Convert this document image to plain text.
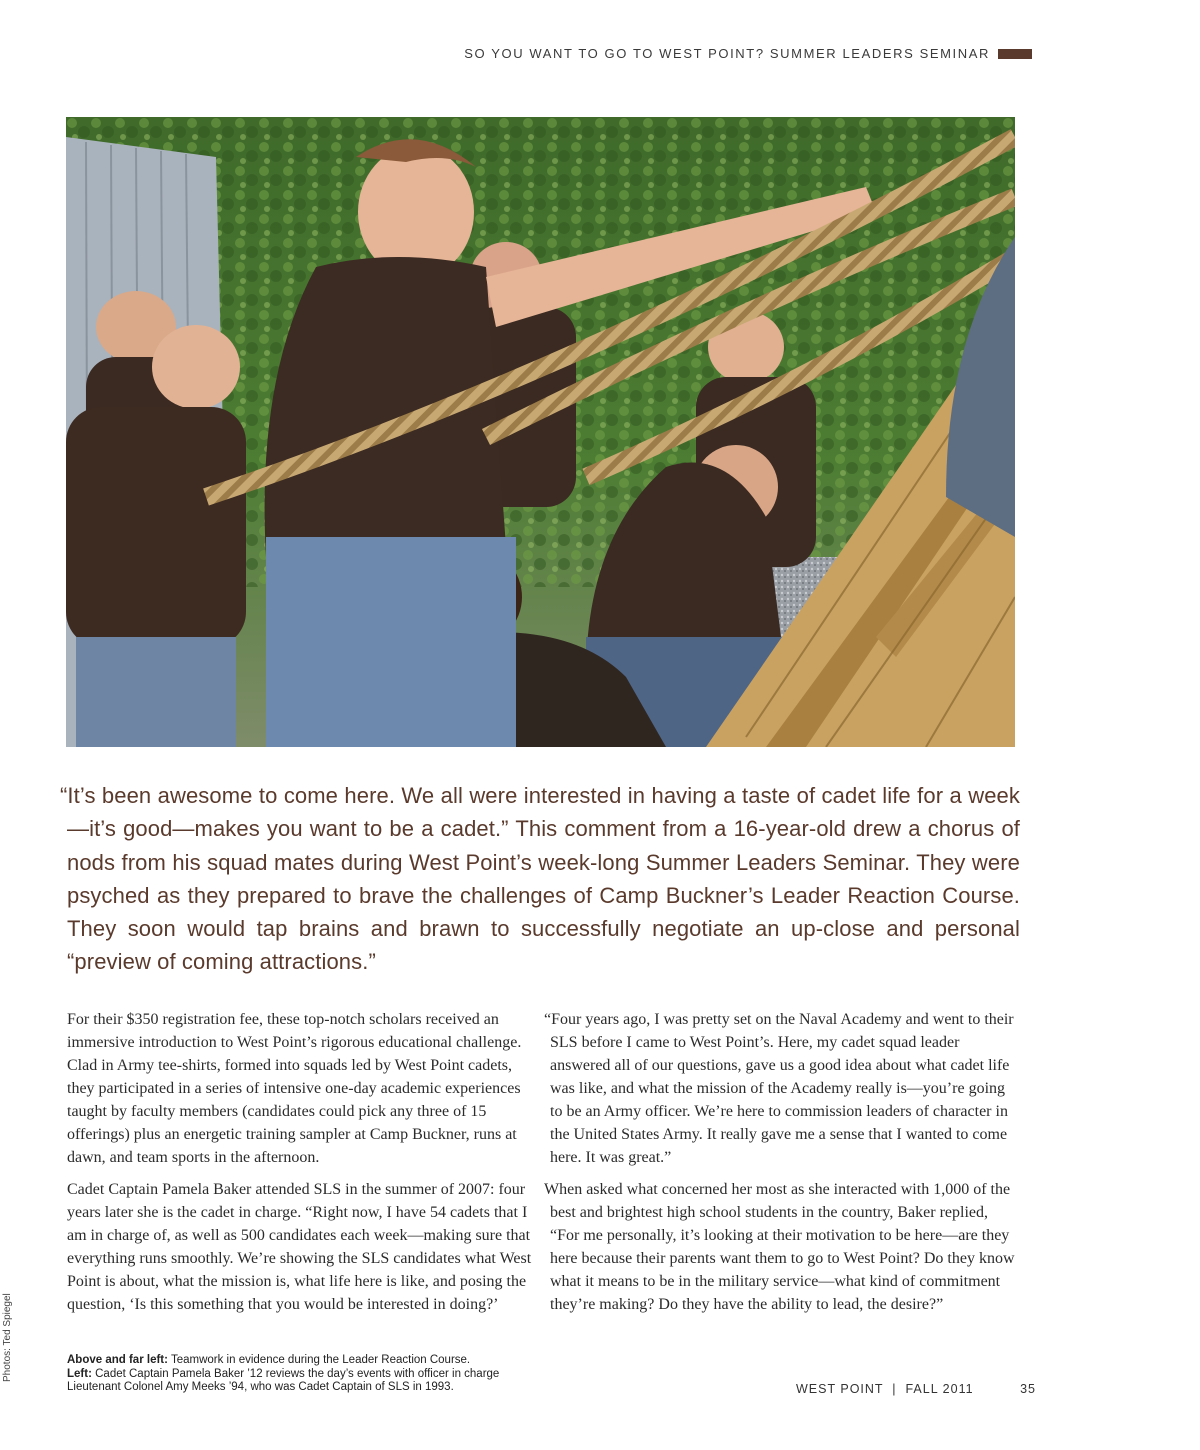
SO YOU WANT TO GO TO WEST POINT? SUMMER LEADERS SEMINAR

“It’s been awesome to come here. We all were interested in having a taste of cadet life for a week—it’s good—makes you want to be a cadet.” This comment from a 16-year-old drew a chorus of nods from his squad mates during West Point’s week-long Summer Leaders Seminar. They were psyched as they prepared to brave the challenges of Camp Buckner’s Leader Reaction Course. They soon would tap brains and brawn to successfully negotiate an up-close and personal “preview of coming attractions.”

For their $350 registration fee, these top-notch scholars received an immersive introduction to West Point’s rigorous educational challenge. Clad in Army tee-shirts, formed into squads led by West Point cadets, they participated in a series of intensive one-day academic experiences taught by faculty members (candidates could pick any three of 15 offerings) plus an energetic training sampler at Camp Buckner, runs at dawn, and team sports in the afternoon.

Cadet Captain Pamela Baker attended SLS in the summer of 2007: four years later she is the cadet in charge. “Right now, I have 54 cadets that I am in charge of, as well as 500 candidates each week—making sure that everything runs smoothly. We’re showing the SLS candidates what West Point is about, what the mission is, what life here is like, and posing the question, ‘Is this something that you would be interested in doing?’

“Four years ago, I was pretty set on the Naval Academy and went to their SLS before I came to West Point’s. Here, my cadet squad leader answered all of our questions, gave us a good idea about what cadet life was like, and what the mission of the Academy really is—you’re going to be an Army officer. We’re here to commission leaders of character in the United States Army. It really gave me a sense that I wanted to come here. It was great.”

When asked what concerned her most as she interacted with 1,000 of the best and brightest high school students in the country, Baker replied, “For me personally, it’s looking at their motivation to be here—are they here because their parents want them to go to West Point? Do they know what it means to be in the military service—what kind of commitment they’re making? Do they have the ability to lead, the desire?”

Above and far left: Teamwork in evidence during the Leader Reaction Course.
Left: Cadet Captain Pamela Baker ’12 reviews the day’s events with officer in charge Lieutenant Colonel Amy Meeks ’94, who was Cadet Captain of SLS in 1993.
Photos: Ted Spiegel
WEST POINT  |  FALL 2011	35
